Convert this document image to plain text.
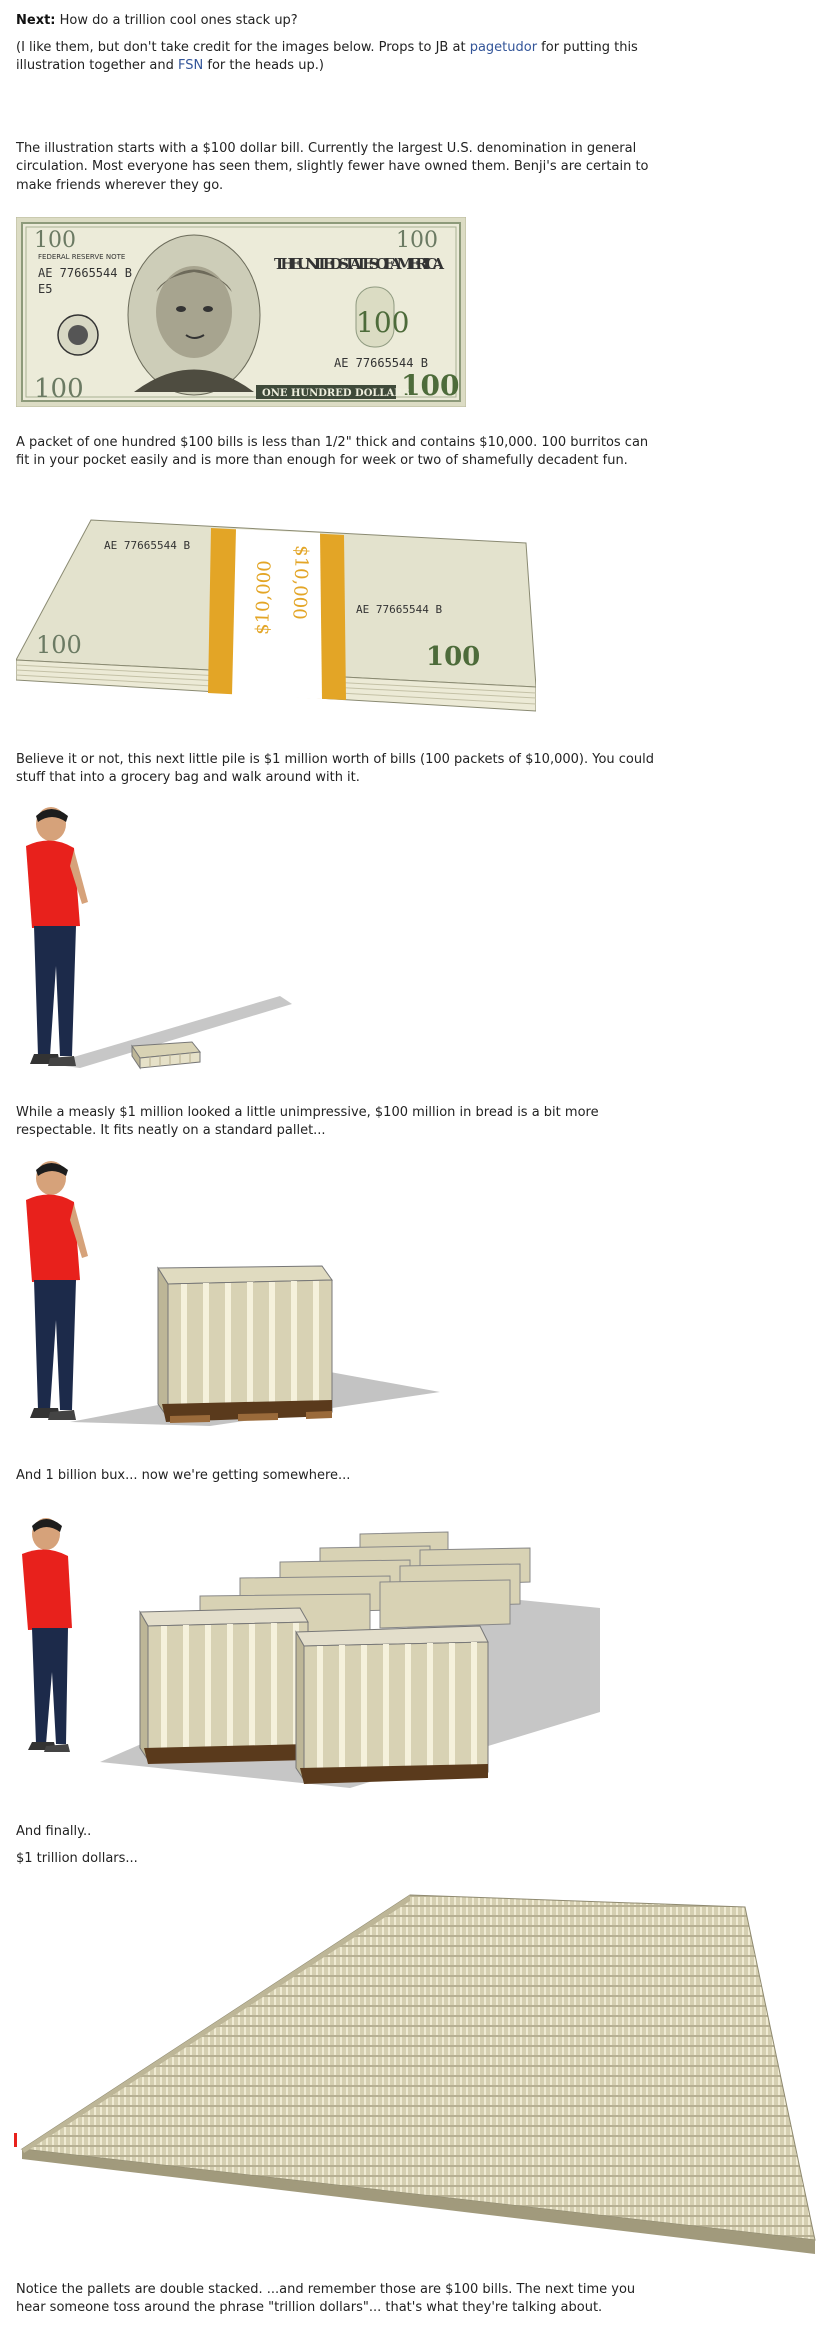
Next: How do a trillion cool ones stack up?

(I like them, but don't take credit for the images below. Props to JB at pagetudor for putting this illustration together and FSN for the heads up.)

The illustration starts with a $100 dollar bill. Currently the largest U.S. denomination in general circulation. Most everyone has seen them, slightly fewer have owned them. Benji's are certain to make friends wherever they go.

A packet of one hundred $100 bills is less than 1/2" thick and contains $10,000. 100 burritos can fit in your pocket easily and is more than enough for week or two of shamefully decadent fun.

Believe it or not, this next little pile is $1 million worth of bills (100 packets of $10,000). You could stuff that into a grocery bag and walk around with it.

While a measly $1 million looked a little unimpressive, $100 million in bread is a bit more respectable. It fits neatly on a standard pallet...

And 1 billion bux... now we're getting somewhere...

And finally..

$1 trillion dollars...

Notice the pallets are double stacked. ...and remember those are $100 bills. The next time you hear someone toss around the phrase "trillion dollars"... that's what they're talking about.

100	100
100
FEDERAL RESERVE NOTE
AE 77665544 B
E5
THE UNITED STATES OF AMERICA
100
AE 77665544 B
100
ONE HUNDRED DOLLARS
AE 77665544 B
AE 77665544 B
100
100
$10,000 $10,000
